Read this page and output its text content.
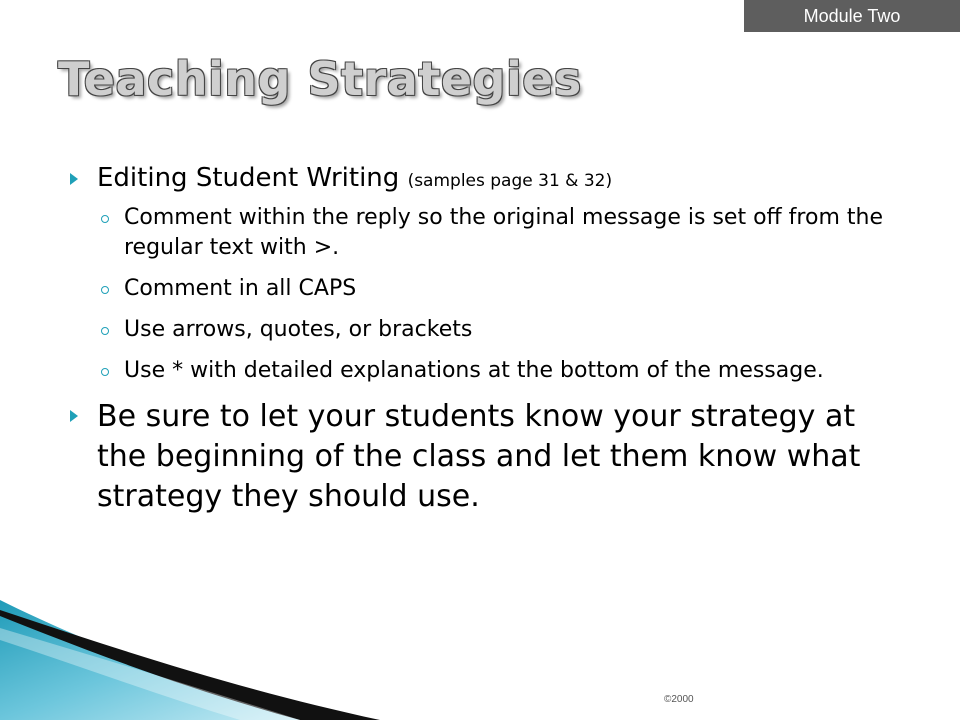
Module Two
Teaching Strategies
Editing Student Writing (samples page 31 & 32)
Comment within the reply so the original message is set off from the regular text with >.
Comment in all CAPS
Use arrows, quotes, or brackets
Use * with detailed explanations at the bottom of the message.
Be sure to let your students know your strategy at the beginning of the class and let them know what strategy they should use.
©2000
